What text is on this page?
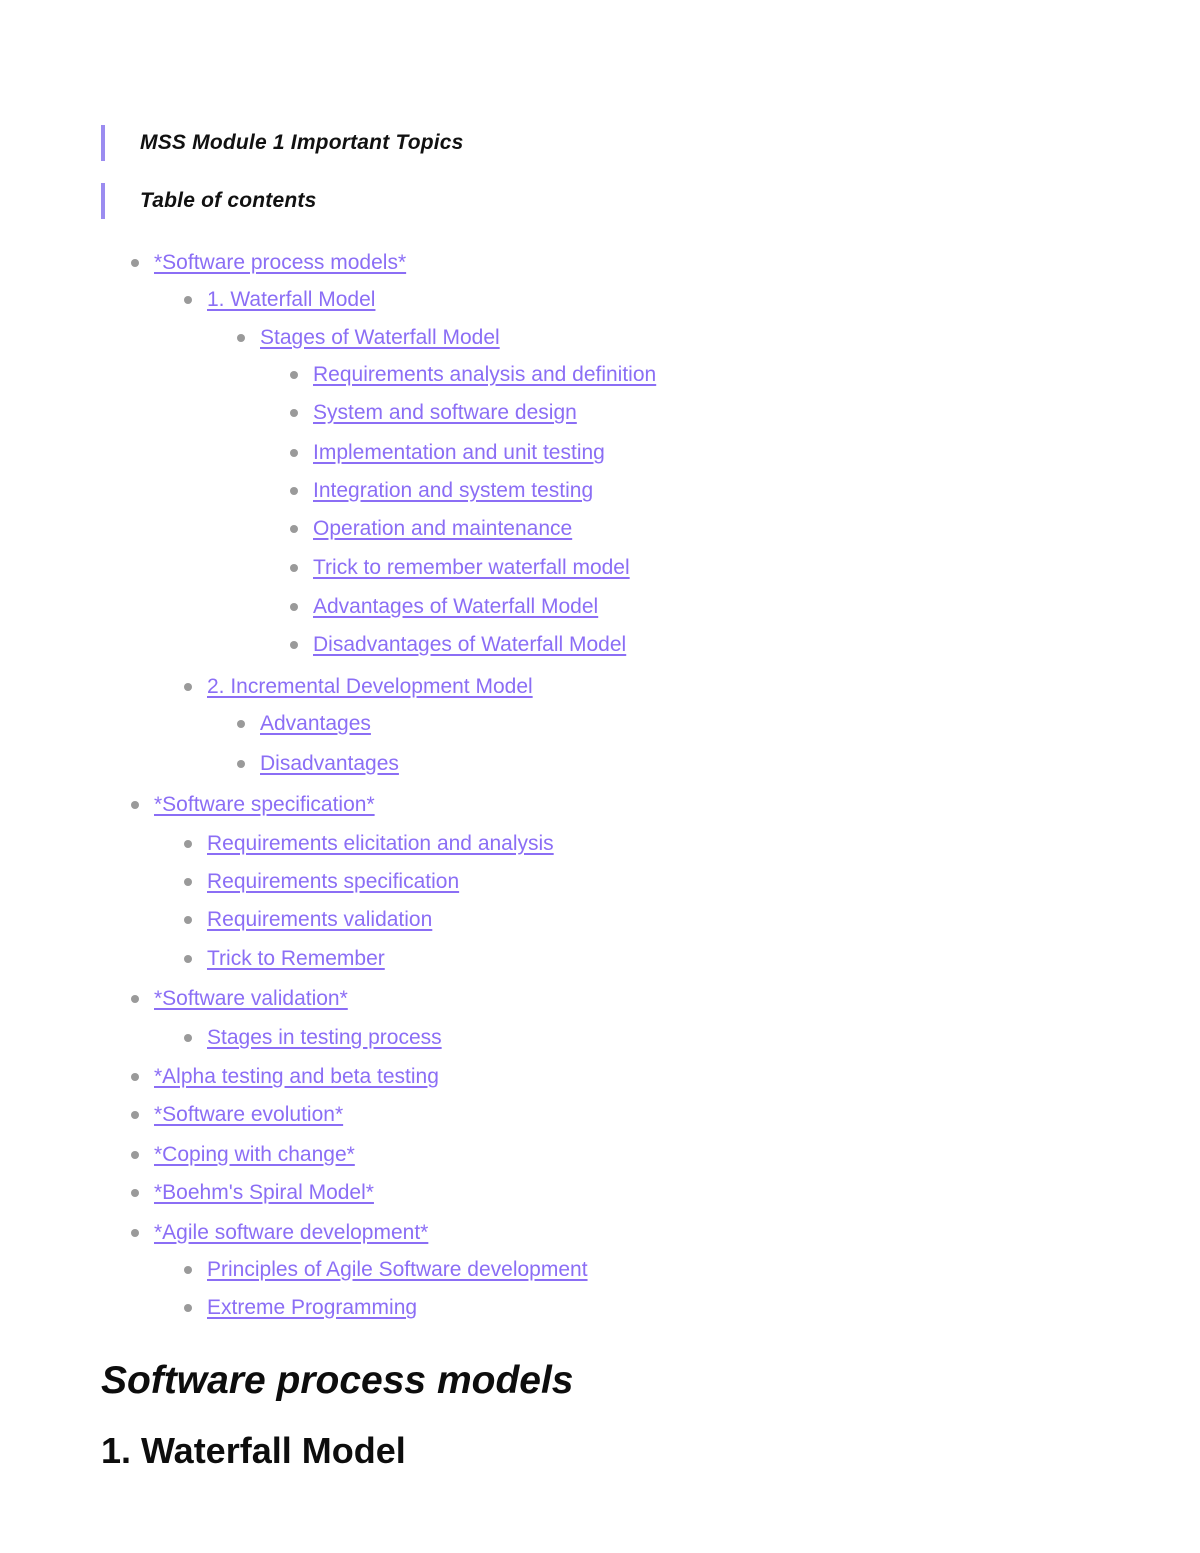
MSS Module 1 Important Topics
Table of contents
*Software process models*
1. Waterfall Model
Stages of Waterfall Model
Requirements analysis and definition
System and software design
Implementation and unit testing
Integration and system testing
Operation and maintenance
Trick to remember waterfall model
Advantages of Waterfall Model
Disadvantages of Waterfall Model
2. Incremental Development Model
Advantages
Disadvantages
*Software specification*
Requirements elicitation and analysis
Requirements specification
Requirements validation
Trick to Remember
*Software validation*
Stages in testing process
*Alpha testing and beta testing
*Software evolution*
*Coping with change*
*Boehm's Spiral Model*
*Agile software development*
Principles of Agile Software development
Extreme Programming
Software process models
1. Waterfall Model
